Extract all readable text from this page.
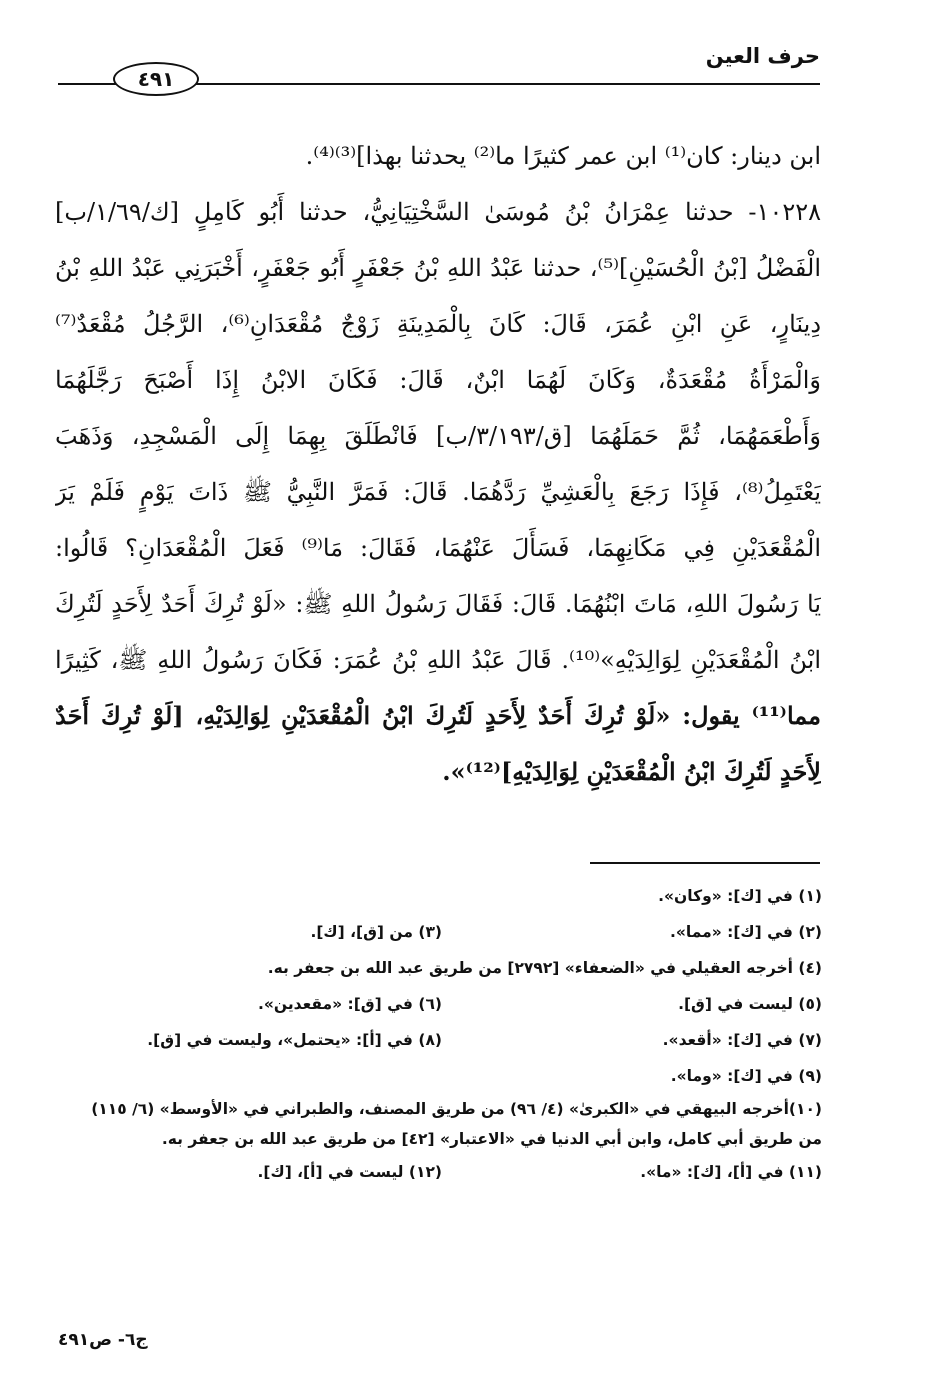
حرف العين
٤٩١
ابن دينار: كان⁽¹⁾ ابن عمر كثيرًا ما⁽²⁾ يحدثنا بهذا]⁽³⁾⁽⁴⁾.
١٠٢٢٨- حدثنا عِمْرَانُ بْنُ مُوسَىٰ السَّخْتِيَانِيُّ، حدثنا أَبُو كَامِلٍ [ك/١/٦٩/ب]
الْفَضْلُ [بْنُ الْحُسَيْنِ]⁽⁵⁾، حدثنا عَبْدُ اللهِ بْنُ جَعْفَرٍ أَبُو جَعْفَرٍ، أَخْبَرَنِي عَبْدُ اللهِ بْنُ
دِينَارٍ، عَنِ ابْنِ عُمَرَ، قَالَ: كَانَ بِالْمَدِينَةِ زَوْجٌ مُقْعَدَانِ⁽⁶⁾، الرَّجُلُ مُقْعَدٌ⁽⁷⁾
وَالْمَرْأَةُ مُقْعَدَةٌ، وَكَانَ لَهُمَا ابْنٌ، قَالَ: فَكَانَ الابْنُ إِذَا أَصْبَحَ رَجَّلَهُمَا
وَأَطْعَمَهُمَا، ثُمَّ حَمَلَهُمَا [ق/٣/١٩٣/ب] فَانْطَلَقَ بِهِمَا إِلَى الْمَسْجِدِ، وَذَهَبَ
يَعْتَمِلُ⁽⁸⁾، فَإِذَا رَجَعَ بِالْعَشِيِّ رَدَّهُمَا. قَالَ: فَمَرَّ النَّبِيُّ ﷺ ذَاتَ يَوْمٍ فَلَمْ يَرَ
الْمُقْعَدَيْنِ فِي مَكَانِهِمَا، فَسَأَلَ عَنْهُمَا، فَقَالَ: مَا⁽⁹⁾ فَعَلَ الْمُقْعَدَانِ؟ قَالُوا:
يَا رَسُولَ اللهِ، مَاتَ ابْنُهُمَا. قَالَ: فَقَالَ رَسُولُ اللهِ ﷺ: «لَوْ تُرِكَ أَحَدٌ لِأَحَدٍ لَتُرِكَ
ابْنُ الْمُقْعَدَيْنِ لِوَالِدَيْهِ»⁽¹⁰⁾. قَالَ عَبْدُ اللهِ بْنُ عُمَرَ: فَكَانَ رَسُولُ اللهِ ﷺ، كَثِيرًا
مما⁽¹¹⁾ يقول: «لَوْ تُرِكَ أَحَدٌ لِأَحَدٍ لَتُرِكَ ابْنُ الْمُقْعَدَيْنِ لِوَالِدَيْهِ، [لَوْ تُرِكَ أَحَدٌ
لِأَحَدٍ لَتُرِكَ ابْنُ الْمُقْعَدَيْنِ لِوَالِدَيْهِ]⁽¹²⁾».
(١) في [ك]: «وكان».
(٢) في [ك]: «مما».
(٣) من [ق]، [ك].
(٤) أخرجه العقيلي في «الضعفاء» [٢٧٩٢] من طريق عبد الله بن جعفر به.
(٥) ليست في [ق].
(٦) في [ق]: «مقعدين».
(٧) في [ك]: «أقعد».
(٨) في [أ]: «يحتمل»، وليست في [ق].
(٩) في [ك]: «وما».
(١٠)أخرجه البيهقي في «الكبرىٰ» (٤/ ٩٦) من طريق المصنف، والطبراني في «الأوسط» (٦/ ١١٥)
من طريق أبي كامل، وابن أبي الدنيا في «الاعتبار» [٤٢] من طريق عبد الله بن جعفر به.
(١١) في [أ]، [ك]: «ما».
(١٢) ليست في [أ]، [ك].
ج٦- ص٤٩١
